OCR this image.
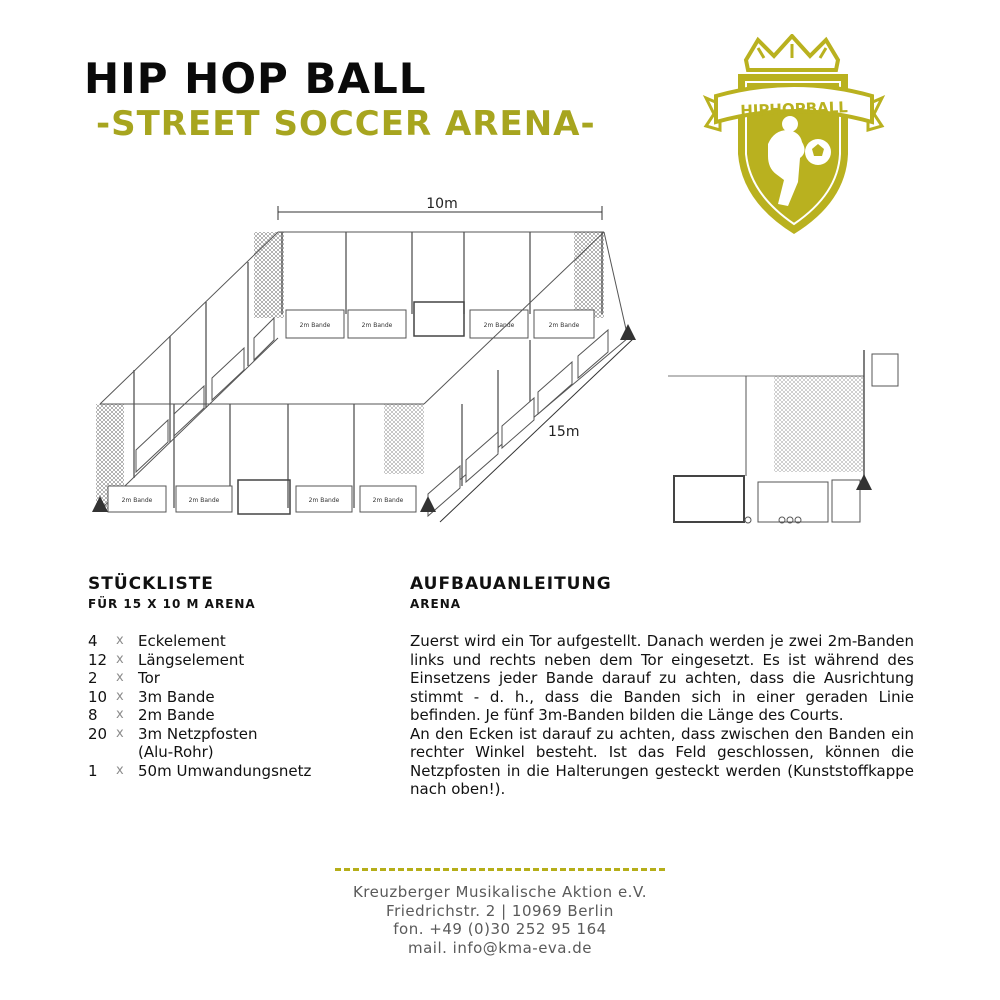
HIP HOP BALL
-STREET SOCCER ARENA-	HIPHOPBALL
10m
15m
2m Bande	2m Bande	2m Bande	2m Bande
2m Bande	2m Bande	2m Bande	2m Bande
STÜCKLISTE
FÜR 15 X 10 M ARENA
4	x Eckelement
12 x Längselement
2	x Tor
10 x 3m Bande
8	x 2m Bande
20 x 3m Netzpfosten
(Alu-Rohr)
1	x 50m Umwandungsnetz
AUFBAUANLEITUNG
ARENA

Zuerst wird ein Tor aufgestellt. Danach werden je zwei 2m-Banden links und rechts neben dem Tor eingesetzt. Es ist während des Einsetzens jeder Bande darauf zu achten, dass die Ausrichtung stimmt - d. h., dass die Banden sich in einer geraden Linie befinden. Je fünf 3m-Banden bilden die Länge des Courts.

An den Ecken ist darauf zu achten, dass zwischen den Banden ein rechter Winkel besteht. Ist das Feld geschlossen, können die Netzpfosten in die Halterungen gesteckt werden (Kunststoffkappe nach oben!).

Kreuzberger Musikalische Aktion e.V.
Friedrichstr. 2 | 10969 Berlin
fon. +49 (0)30 252 95 164
mail. info@kma-eva.de
